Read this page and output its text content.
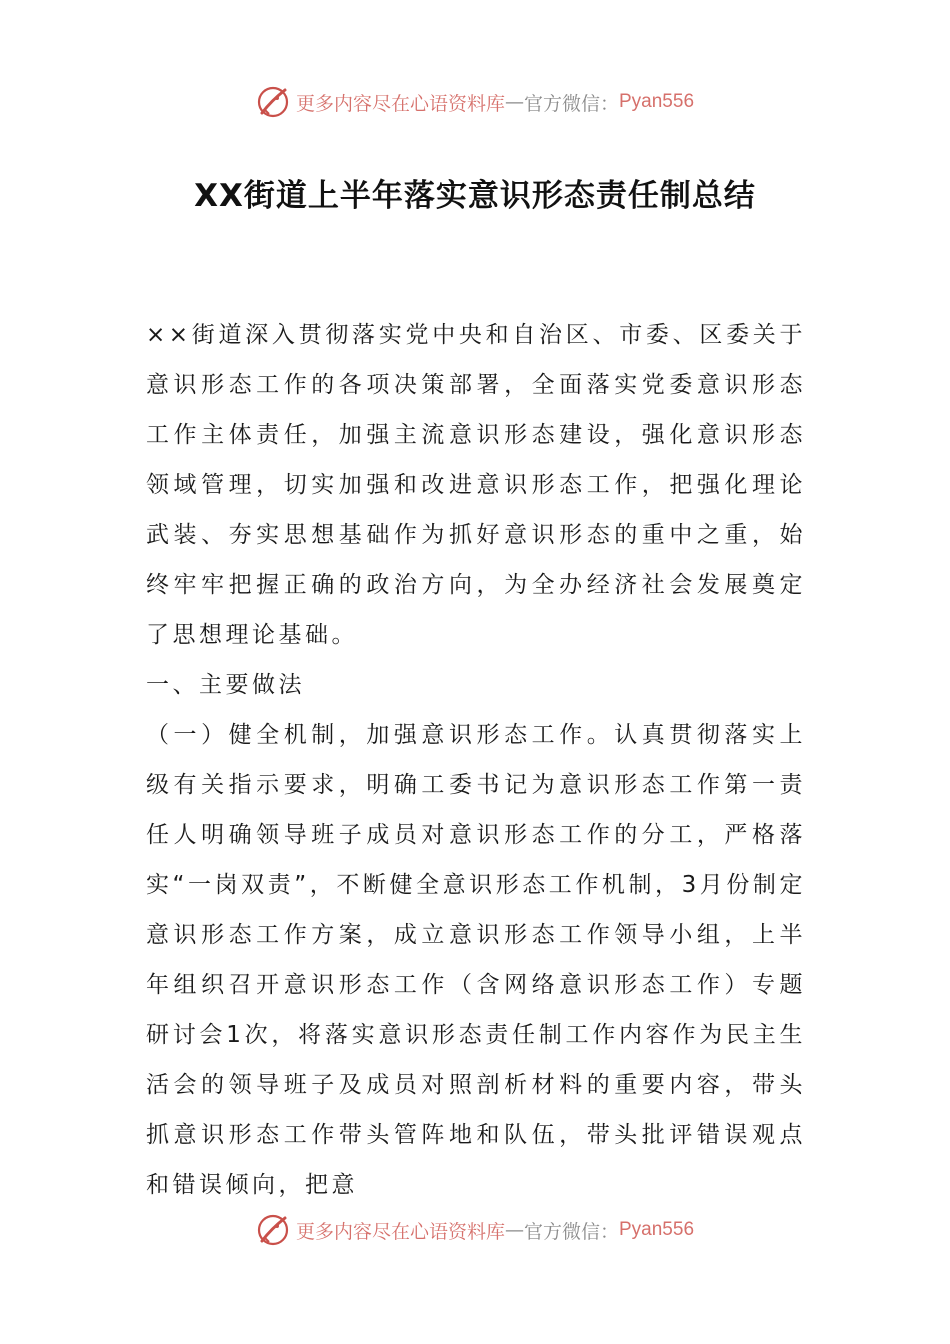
更多内容尽在心语资料库 — 官方微信： Pyan556
XX街道上半年落实意识形态责任制总结

××街道深入贯彻落实党中央和自治区、市委、区委关于意识形态工作的各项决策部署，全面落实党委意识形态工作主体责任，加强主流意识形态建设，强化意识形态领域管理，切实加强和改进意识形态工作，把强化理论武装、夯实思想基础作为抓好意识形态的重中之重，始终牢牢把握正确的政治方向，为全办经济社会发展奠定了思想理论基础。

一、主要做法

（一）健全机制，加强意识形态工作。认真贯彻落实上级有关指示要求，明确工委书记为意识形态工作第一责任人明确领导班子成员对意识形态工作的分工，严格落实“一岗双责”，不断健全意识形态工作机制，3月份制定意识形态工作方案，成立意识形态工作领导小组，上半年组织召开意识形态工作（含网络意识形态工作）专题研讨会1次，将落实意识形态责任制工作内容作为民主生活会的领导班子及成员对照剖析材料的重要内容，带头抓意识形态工作带头管阵地和队伍，带头批评错误观点和错误倾向，把意

更多内容尽在心语资料库 — 官方微信： Pyan556
